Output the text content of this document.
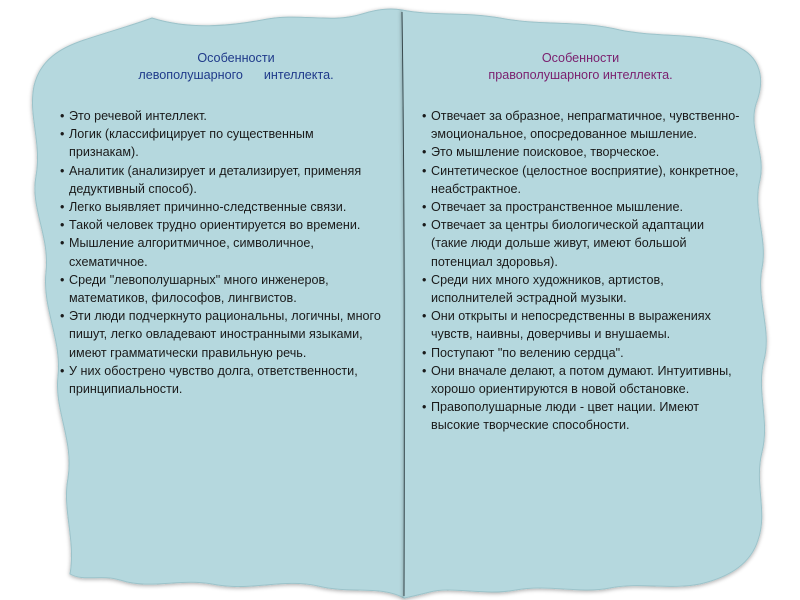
Особенности
левополушарного      интеллекта.
• Это речевой интеллект.
• Логик (классифицирует по существенным признакам).
• Аналитик (анализирует и детализирует, применяя дедуктивный способ).
• Легко выявляет причинно-следственные связи.
• Такой человек трудно ориентируется во времени.
• Мышление алгоритмичное, символичное, схематичное.
• Среди "левополушарных" много инженеров, математиков, философов, лингвистов.
• Эти люди подчеркнуто рациональны, логичны, много пишут, легко овладевают иностранными языками, имеют грамматически правильную речь.
• У них обострено чувство долга, ответственности, принципиальности.
Особенности
правополушарного интеллекта.
• Отвечает за образное, непрагматичное, чувственно-эмоциональное, опосредованное мышление.
• Это мышление поисковое, творческое.
• Синтетическое (целостное восприятие), конкретное, неабстрактное.
• Отвечает за пространственное мышление.
• Отвечает за центры биологической адаптации (такие люди дольше живут, имеют большой потенциал здоровья).
• Среди них много художников, артистов, исполнителей эстрадной музыки.
• Они открыты и непосредственны в выражениях чувств, наивны, доверчивы и внушаемы.
• Поступают "по велению сердца".
• Они вначале делают, а потом думают. Интуитивны, хорошо ориентируются в новой обстановке.
• Правополушарные люди - цвет нации. Имеют высокие творческие способности.
